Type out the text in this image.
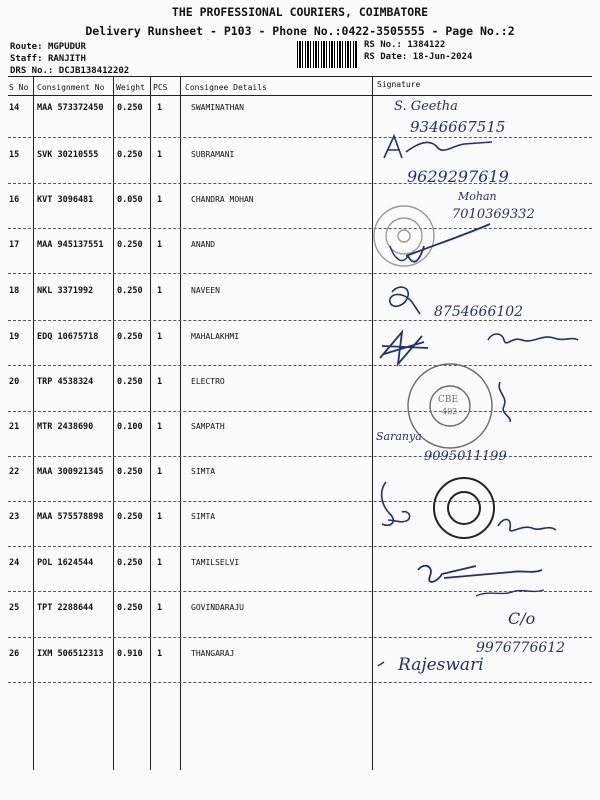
THE PROFESSIONAL COURIERS, COIMBATORE
Delivery Runsheet - P103 - Phone No.:0422-3505555 - Page No.:2
Route: MGPUDUR
Staff: RANJITH
DRS No.: DCJB138412202
RS No.: 1384122
RS Date: 18-Jun-2024
S No Consignment No Weight PCS Consignee Details	Signature
14 MAA 573372450 0.250 1	SWAMINATHAN
15 SVK 30210555 0.250 1	SUBRAMANI
16 KVT 3096481	0.050 1	CHANDRA MOHAN
17 MAA 945137551 0.250 1	ANAND
18 NKL 3371992	0.250 1	NAVEEN
19 EDQ 10675718 0.250 1	MAHALAKHMI
20 TRP 4538324	0.250 1	ELECTRO
21 MTR 2438690	0.100 1	SAMPATH
22 MAA 300921345 0.250 1	SIMTA
23 MAA 575578898 0.250 1	SIMTA
24 POL 1624544	0.250 1	TAMILSELVI
25 TPT 2288644	0.250 1	GOVINDARAJU
26 IXM 506512313 0.910 1	THANGARAJ
S. Geetha
9346667515
9629297619
Mohan
7010369332
8754666102
CBE
402
Saranya
9095011199
C/o
9976776612
Rajeswari
